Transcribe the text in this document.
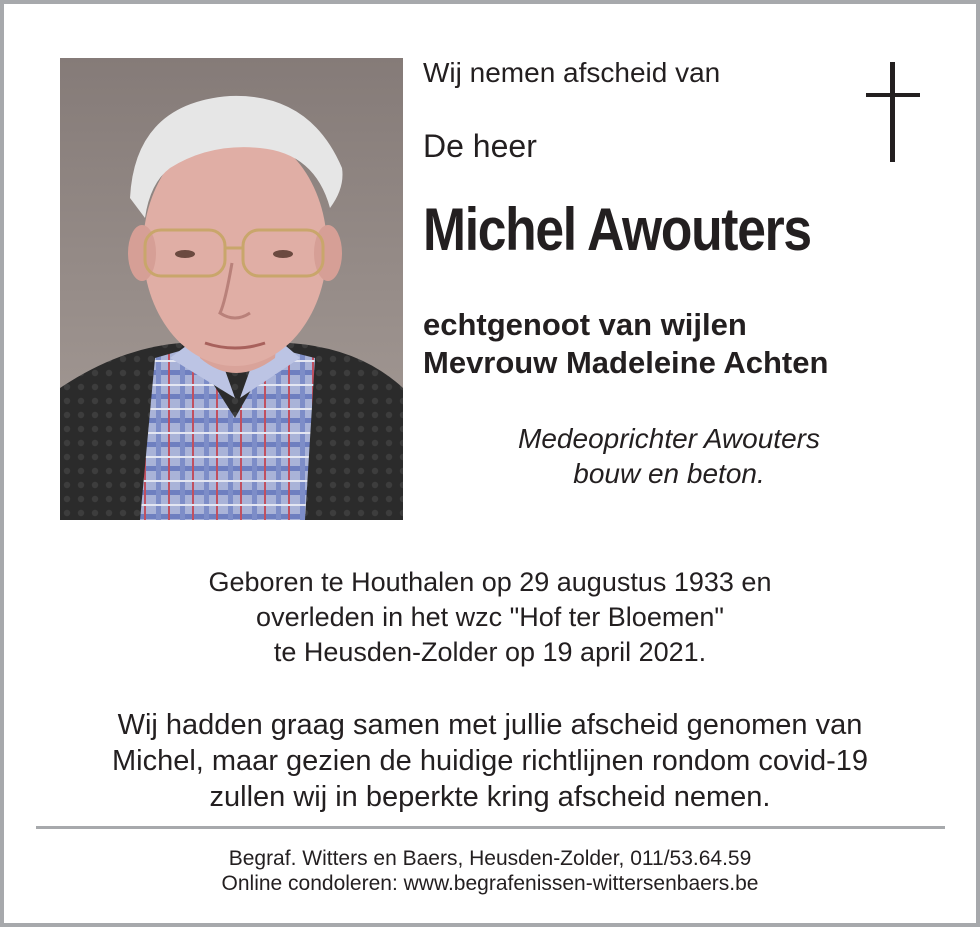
Wij nemen afscheid van
De heer
Michel Awouters
echtgenoot van wijlen
Mevrouw Madeleine Achten
Medeoprichter Awouters
bouw en beton.
Geboren te Houthalen op 29 augustus 1933 en
overleden in het wzc "Hof ter Bloemen"
te Heusden-Zolder op 19 april 2021.
Wij hadden graag samen met jullie afscheid genomen van
Michel, maar gezien de huidige richtlijnen rondom covid-19
zullen wij in beperkte kring afscheid nemen.
Begraf. Witters en Baers, Heusden-Zolder, 011/53.64.59
Online condoleren: www.begrafenissen-wittersenbaers.be
